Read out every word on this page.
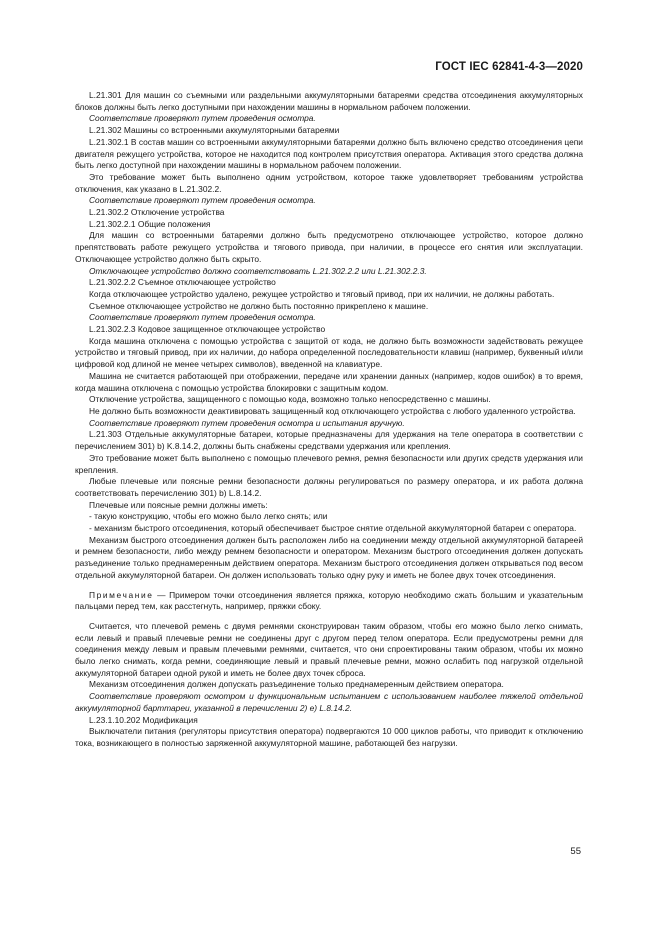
ГОСТ IEC 62841-4-3—2020

L.21.301 Для машин со съемными или раздельными аккумуляторными батареями средства отсоединения аккумуляторных блоков должны быть легко доступными при нахождении машины в нормальном рабочем положении.

Соответствие проверяют путем проведения осмотра.

L.21.302 Машины со встроенными аккумуляторными батареями

L.21.302.1 В состав машин со встроенными аккумуляторными батареями должно быть включено средство отсоединения цепи двигателя режущего устройства, которое не находится под контролем присутствия оператора. Активация этого средства должна быть легко доступной при нахождении машины в нормальном рабочем положении.

Это требование может быть выполнено одним устройством, которое также удовлетворяет требованиям устройства отключения, как указано в L.21.302.2.

Соответствие проверяют путем проведения осмотра.

L.21.302.2 Отключение устройства

L.21.302.2.1 Общие положения

Для машин со встроенными батареями должно быть предусмотрено отключающее устройство, которое должно препятствовать работе режущего устройства и тягового привода, при наличии, в процессе его снятия или эксплуатации. Отключающее устройство должно быть скрыто.

Отключающее устройство должно соответствовать L.21.302.2.2 или L.21.302.2.3.

L.21.302.2.2 Съемное отключающее устройство

Когда отключающее устройство удалено, режущее устройство и тяговый привод, при их наличии, не должны работать.

Съемное отключающее устройство не должно быть постоянно прикреплено к машине.

Соответствие проверяют путем проведения осмотра.

L.21.302.2.3 Кодовое защищенное отключающее устройство

Когда машина отключена с помощью устройства с защитой от кода, не должно быть возможности задействовать режущее устройство и тяговый привод, при их наличии, до набора определенной последовательности клавиш (например, буквенный и/или цифровой код длиной не менее четырех символов), введенной на клавиатуре.

Машина не считается работающей при отображении, передаче или хранении данных (например, кодов ошибок) в то время, когда машина отключена с помощью устройства блокировки с защитным кодом.

Отключение устройства, защищенного с помощью кода, возможно только непосредственно с машины.

Не должно быть возможности деактивировать защищенный код отключающего устройства с любого удаленного устройства.

Соответствие проверяют путем проведения осмотра и испытания вручную.

L.21.303 Отдельные аккумуляторные батареи, которые предназначены для удержания на теле оператора в соответствии с перечислением 301) b) K.8.14.2, должны быть снабжены средствами удержания или крепления.

Это требование может быть выполнено с помощью плечевого ремня, ремня безопасности или других средств удержания или крепления.

Любые плечевые или поясные ремни безопасности должны регулироваться по размеру оператора, и их работа должна соответствовать перечислению 301) b) L.8.14.2.

Плечевые или поясные ремни должны иметь:

- такую конструкцию, чтобы его можно было легко снять; или

- механизм быстрого отсоединения, который обеспечивает быстрое снятие отдельной аккумуляторной батареи с оператора.

Механизм быстрого отсоединения должен быть расположен либо на соединении между отдельной аккумуляторной батареей и ремнем безопасности, либо между ремнем безопасности и оператором. Механизм быстрого отсоединения должен допускать разъединение только преднамеренным действием оператора. Механизм быстрого отсоединения должен открываться под весом отдельной аккумуляторной батареи. Он должен использовать только одну руку и иметь не более двух точек отсоединения.

Примечание — Примером точки отсоединения является пряжка, которую необходимо сжать большим и указательным пальцами перед тем, как расстегнуть, например, пряжки сбоку.

Считается, что плечевой ремень с двумя ремнями сконструирован таким образом, чтобы его можно было легко снимать, если левый и правый плечевые ремни не соединены друг с другом перед телом оператора. Если предусмотрены ремни для соединения между левым и правым плечевыми ремнями, считается, что они спроектированы таким образом, чтобы их можно было легко снимать, когда ремни, соединяющие левый и правый плечевые ремни, можно ослабить под нагрузкой отдельной аккумуляторной батареи одной рукой и иметь не более двух точек сброса.

Механизм отсоединения должен допускать разъединение только преднамеренным действием оператора.

Соответствие проверяют осмотром и функциональным испытанием с использованием наиболее тяжелой отдельной аккумуляторной барттареи, указанной в перечислении 2) е) L.8.14.2.

L.23.1.10.202 Модификация

Выключатели питания (регуляторы присутствия оператора) подвергаются 10 000 циклов работы, что приводит к отключению тока, возникающего в полностью заряженной аккумуляторной машине, работающей без нагрузки.

55
